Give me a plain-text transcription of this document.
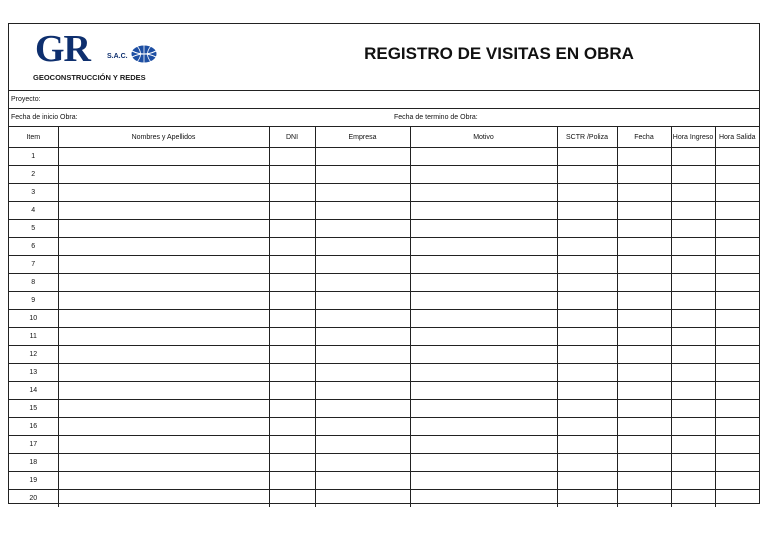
GR S.A.C.
GEOCONSTRUCCIÓN Y REDES
REGISTRO DE VISITAS EN OBRA
Proyecto:
Fecha de inicio Obra:	Fecha de termino de Obra:
Item	Nombres y Apellidos	DNI	Empresa	Motivo	SCTR /Poliza	Fecha	Hora Ingreso	Hora Salida
1								
2								
3								
4								
5								
6								
7								
8								
9								
10								
11								
12								
13								
14								
15								
16								
17								
18								
19								
20								
